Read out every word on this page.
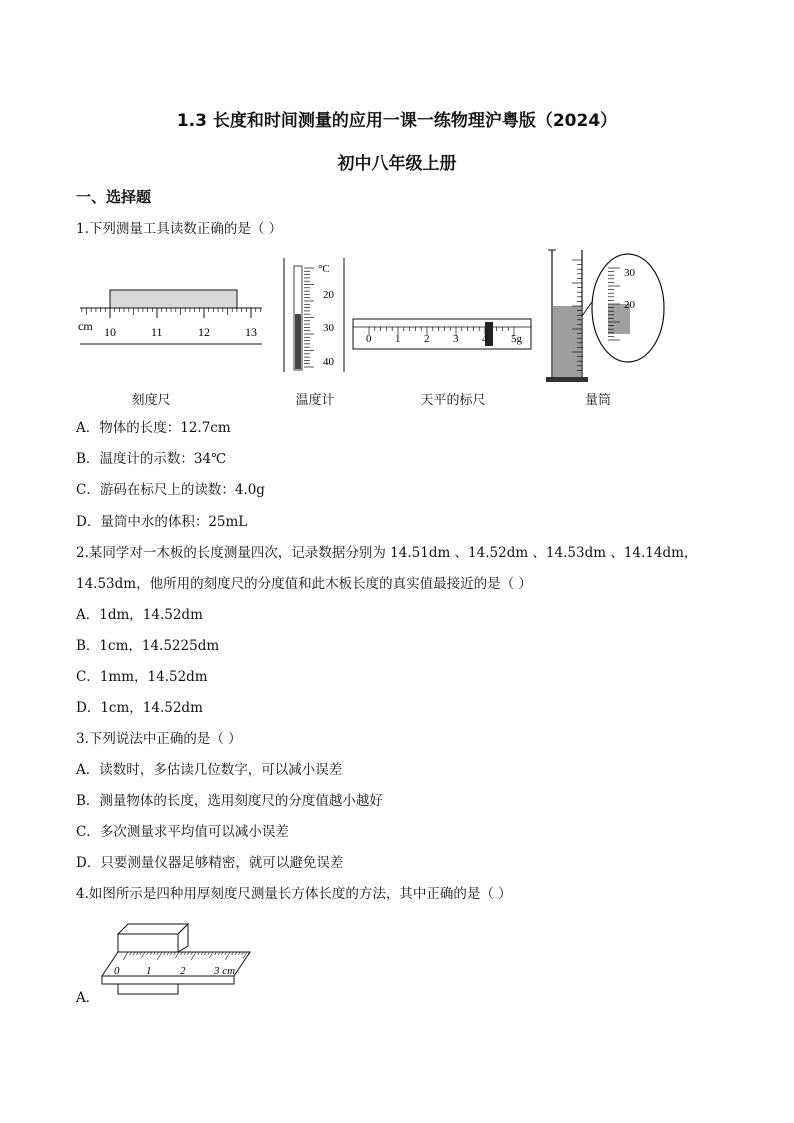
1.3 长度和时间测量的应用一课一练物理沪粤版（2024）
初中八年级上册
一、选择题
1.下列测量工具读数正确的是（ ）
cm 10	11	12	13
刻度尺
°C
20
30
40
温度计
0 1 2 3 4 5g
天平的标尺
30
20
量筒
A．物体的长度：12.7cm
B．温度计的示数：34℃
C．游码在标尺上的读数：4.0g
D．量筒中水的体积：25mL
2.某同学对一木板的长度测量四次，记录数据分别为 14.51dm 、14.52dm 、14.53dm 、14.14dm，
14.53dm，他所用的刻度尺的分度值和此木板长度的真实值最接近的是（ ）
A．1dm，14.52dm
B．1cm，14.5225dm
C．1mm，14.52dm
D．1cm，14.52dm
3.下列说法中正确的是（ ）
A．读数时，多估读几位数字，可以减小误差
B．测量物体的长度，选用刻度尺的分度值越小越好
C．多次测量求平均值可以减小误差
D．只要测量仪器足够精密，就可以避免误差
4.如图所示是四种用厚刻度尺测量长方体长度的方法，其中正确的是（ ）
0 1	2	3 cm
A．
